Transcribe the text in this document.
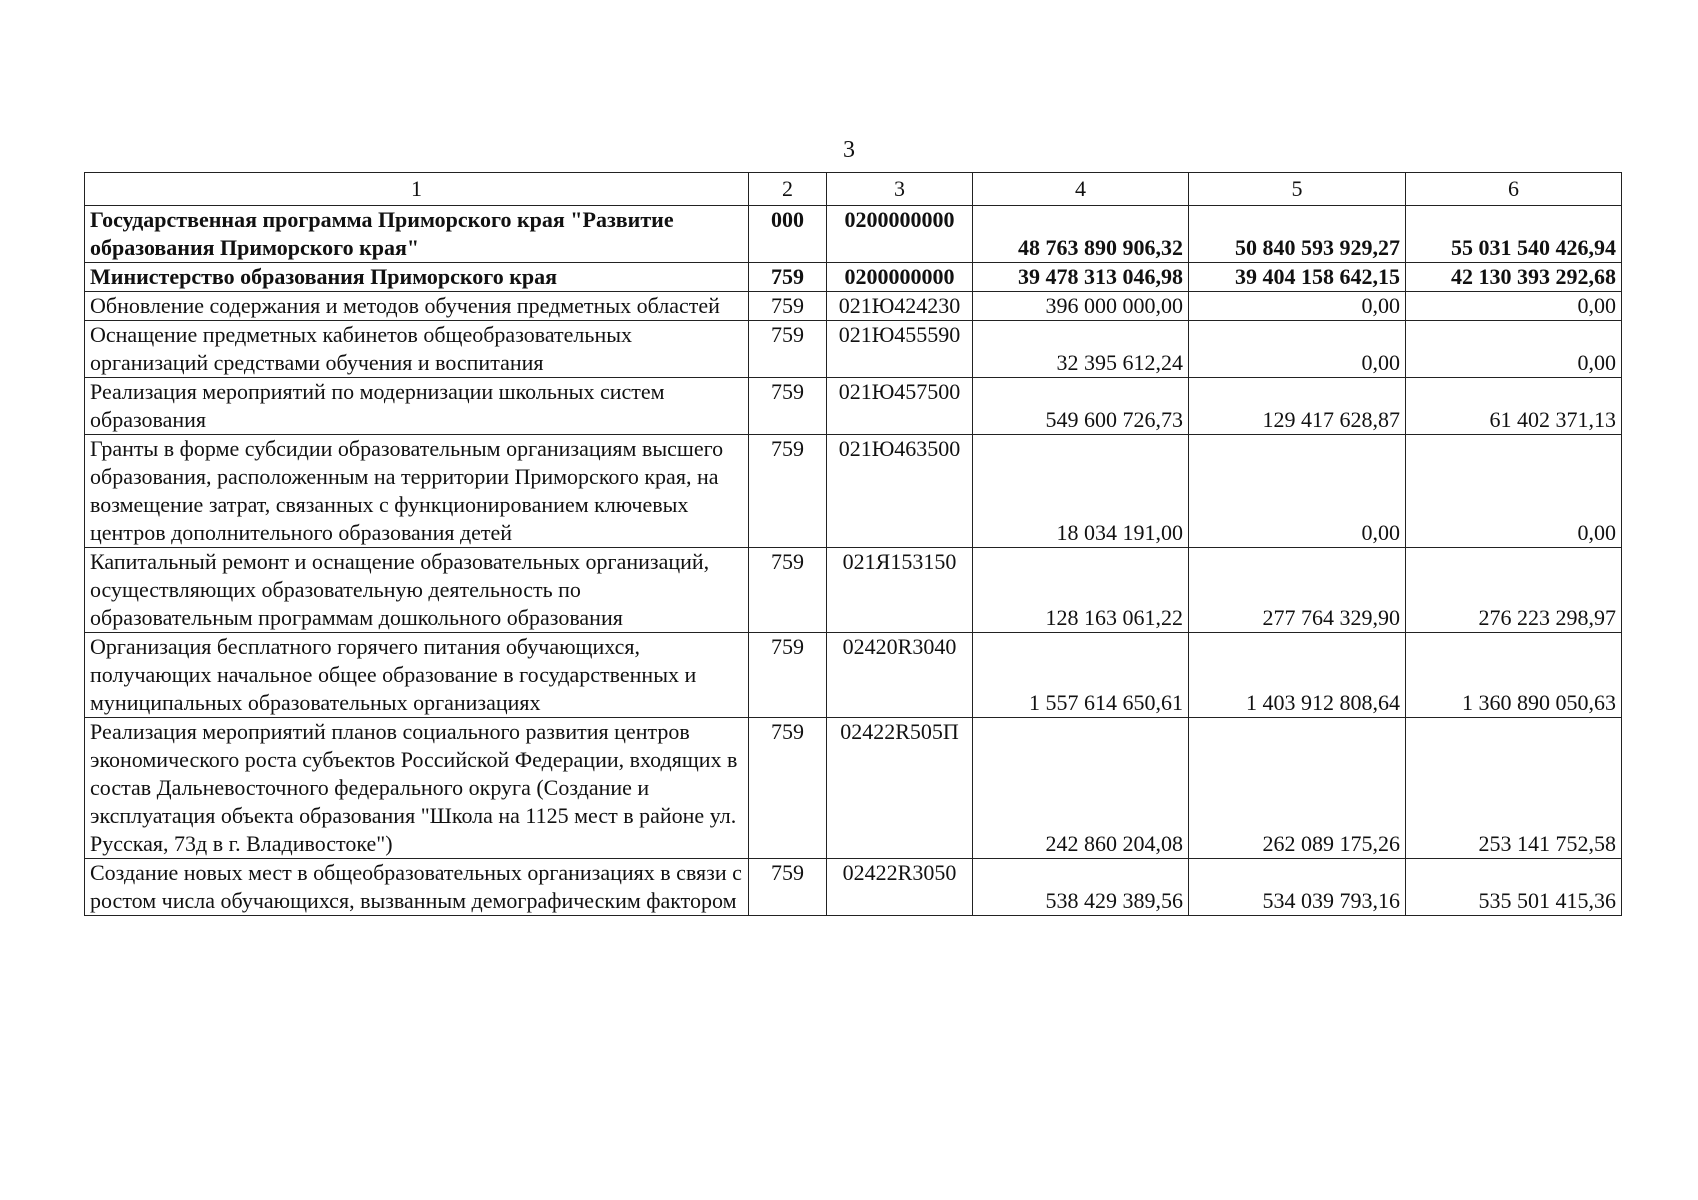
3
1	2	3	4	5	6
Государственная программа Приморского края "Развитие образования Приморского края"	000	0200000000	48 763 890 906,32	50 840 593 929,27	55 031 540 426,94
Министерство образования Приморского края	759	0200000000	39 478 313 046,98	39 404 158 642,15	42 130 393 292,68
Обновление содержания и методов обучения предметных областей	759	021Ю424230	396 000 000,00	0,00	0,00
Оснащение предметных кабинетов общеобразовательных организаций средствами обучения и воспитания	759	021Ю455590	32 395 612,24	0,00	0,00
Реализация мероприятий по модернизации школьных систем образования	759	021Ю457500	549 600 726,73	129 417 628,87	61 402 371,13
Гранты в форме субсидии образовательным организациям высшего образования, расположенным на территории Приморского края, на возмещение затрат, связанных с функционированием ключевых центров дополнительного образования детей	759	021Ю463500	18 034 191,00	0,00	0,00
Капитальный ремонт и оснащение образовательных организаций, осуществляющих образовательную деятельность по образовательным программам дошкольного образования	759	021Я153150	128 163 061,22	277 764 329,90	276 223 298,97
Организация бесплатного горячего питания обучающихся, получающих начальное общее образование в государственных и муниципальных образовательных организациях	759	02420R3040	1 557 614 650,61	1 403 912 808,64	1 360 890 050,63
Реализация мероприятий планов социального развития центров экономического роста субъектов Российской Федерации, входящих в состав Дальневосточного федерального округа (Создание и эксплуатация объекта образования "Школа на 1125 мест в районе ул. Русская, 73д в г. Владивостоке")	759	02422R505П	242 860 204,08	262 089 175,26	253 141 752,58
Создание новых мест в общеобразовательных организациях в связи с ростом числа обучающихся, вызванным демографическим фактором	759	02422R3050	538 429 389,56	534 039 793,16	535 501 415,36
